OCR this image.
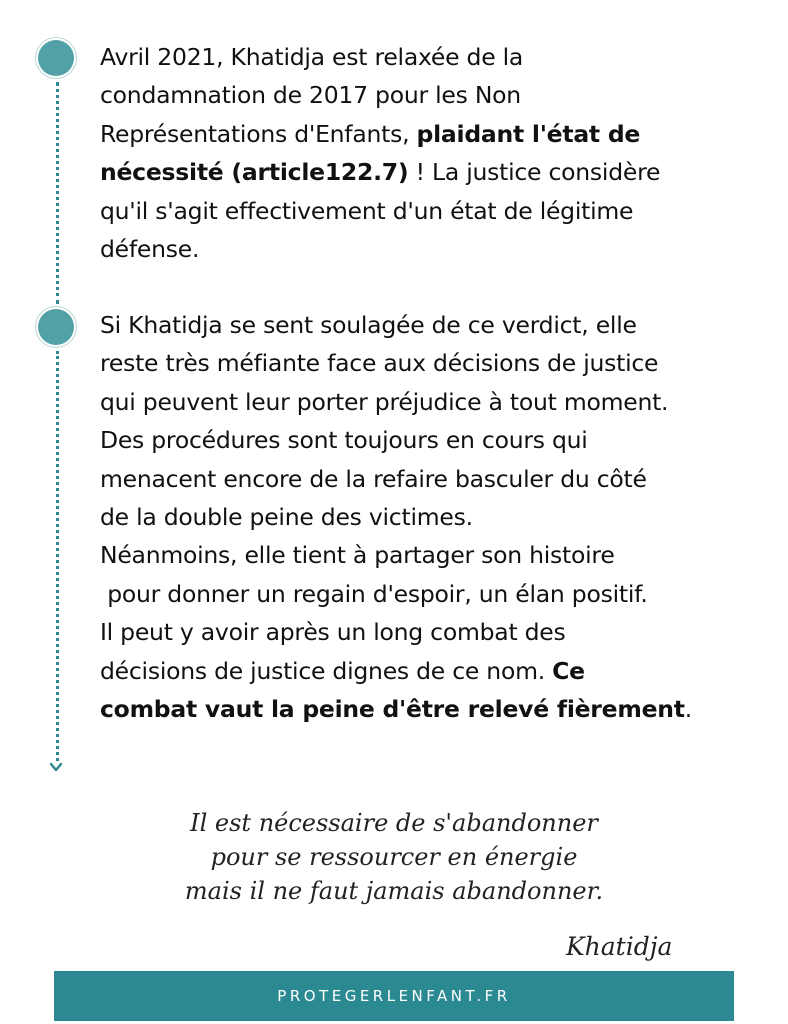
Avril 2021, Khatidja est relaxée de la
condamnation de 2017 pour les Non
Représentations d'Enfants, plaidant l'état de
nécessité (article122.7) ! La justice considère
qu'il s'agit effectivement d'un état de légitime
défense.
Si Khatidja se sent soulagée de ce verdict, elle
reste très méfiante face aux décisions de justice
qui peuvent leur porter préjudice à tout moment.
Des procédures sont toujours en cours qui
menacent encore de la refaire basculer du côté
de la double peine des victimes.
Néanmoins, elle tient à partager son histoire
pour donner un regain d'espoir, un élan positif.
Il peut y avoir après un long combat des
décisions de justice dignes de ce nom. Ce
combat vaut la peine d'être relevé fièrement.
Il est nécessaire de s'abandonner
pour se ressourcer en énergie
mais il ne faut jamais abandonner.
Khatidja
PROTEGERLENFANT.FR
